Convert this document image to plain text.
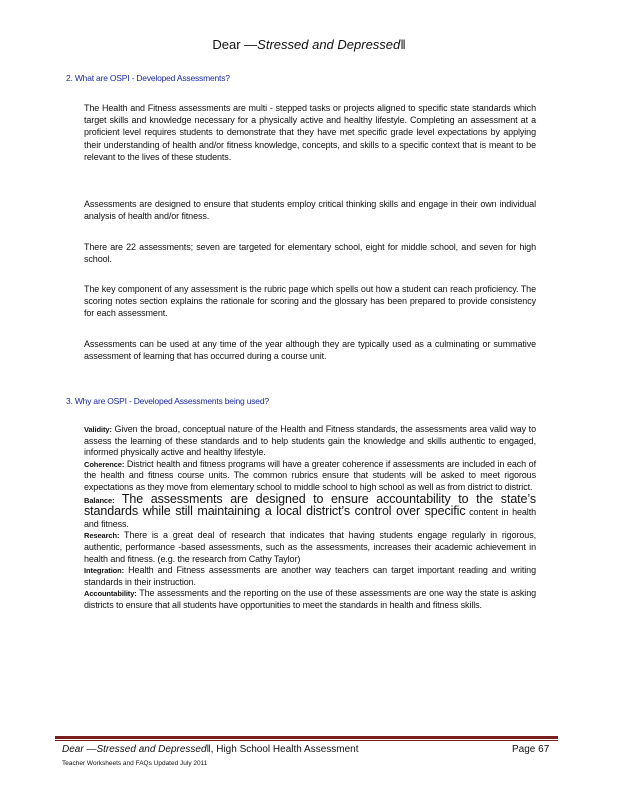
Dear —Stressed and Depressed‖
2. What are OSPI - Developed Assessments?
The Health and Fitness assessments are multi - stepped tasks or projects aligned to specific state standards which target skills and knowledge necessary for a physically active and healthy lifestyle. Completing an assessment at a proficient level requires students to demonstrate that they have met specific grade level expectations by applying their understanding of health and/or fitness knowledge, concepts, and skills to a specific context that is meant to be relevant to the lives of these students.
Assessments are designed to ensure that students employ critical thinking skills and engage in their own individual analysis of health and/or fitness.
There are 22 assessments; seven are targeted for elementary school, eight for middle school, and seven for high school.
The key component of any assessment is the rubric page which spells out how a student can reach proficiency. The scoring notes section explains the rationale for scoring and the glossary has been prepared to provide consistency for each assessment.
Assessments can be used at any time of the year although they are typically used as a culminating or summative assessment of learning that has occurred during a course unit.
3. Why are OSPI - Developed Assessments being used?

Validity: Given the broad, conceptual nature of the Health and Fitness standards, the assessments area valid way to assess the learning of these standards and to help students gain the knowledge and skills authentic to engaged, informed physically active and healthy lifestyle.

Coherence: District health and fitness programs will have a greater coherence if assessments are included in each of the health and fitness course units. The common rubrics ensure that students will be asked to meet rigorous expectations as they move from elementary school to middle school to high school as well as from district to district.

Balance: The assessments are designed to ensure accountability to the state’s standards while still maintaining a local district’s control over specific content in health and fitness.

Research: There is a great deal of research that indicates that having students engage regularly in rigorous, authentic, performance -based assessments, such as the assessments, increases their academic achievement in health and fitness. (e.g. the research from Cathy Taylor)

Integration: Health and Fitness assessments are another way teachers can target important reading and writing standards in their instruction.

Accountability: The assessments and the reporting on the use of these assessments are one way the state is asking districts to ensure that all students have opportunities to meet the standards in health and fitness skills.

Dear —Stressed and Depressed‖, High School Health Assessment	Page 67
Teacher Worksheets and FAQs Updated July 2011
